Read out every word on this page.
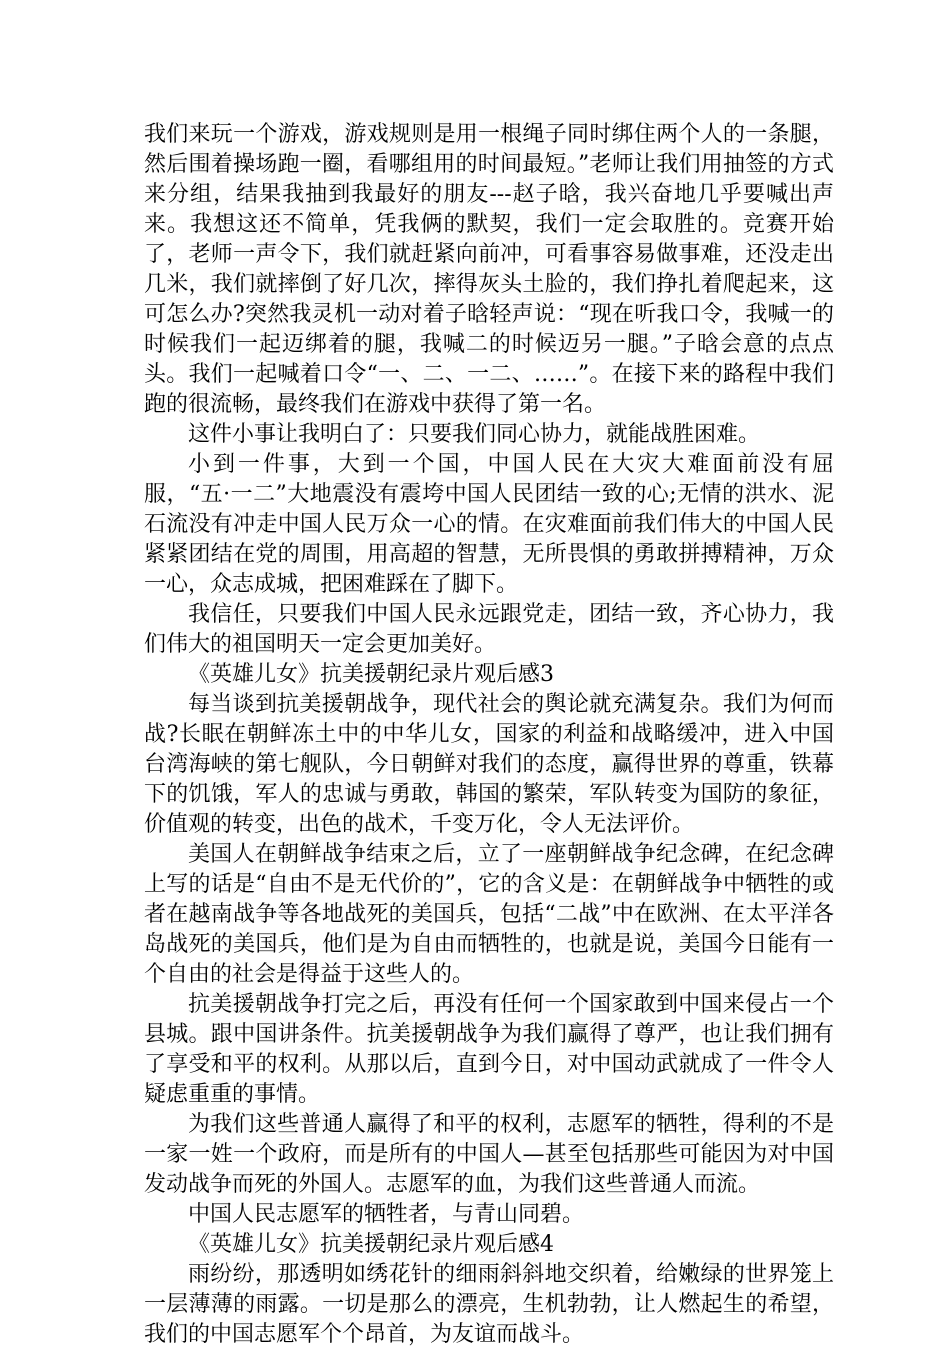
我们来玩一个游戏，游戏规则是用一根绳子同时绑住两个人的一条腿，然后围着操场跑一圈，看哪组用的时间最短。”老师让我们用抽签的方式来分组，结果我抽到我最好的朋友---赵子晗，我兴奋地几乎要喊出声来。我想这还不简单，凭我俩的默契，我们一定会取胜的。竞赛开始了，老师一声令下，我们就赶紧向前冲，可看事容易做事难，还没走出几米，我们就摔倒了好几次，摔得灰头土脸的，我们挣扎着爬起来，这可怎么办?突然我灵机一动对着子晗轻声说：“现在听我口令，我喊一的时候我们一起迈绑着的腿，我喊二的时候迈另一腿。”子晗会意的点点头。我们一起喊着口令“一、二、一二、……”。在接下来的路程中我们跑的很流畅，最终我们在游戏中获得了第一名。

这件小事让我明白了：只要我们同心协力，就能战胜困难。

小到一件事，大到一个国，中国人民在大灾大难面前没有屈服，“五·一二”大地震没有震垮中国人民团结一致的心;无情的洪水、泥石流没有冲走中国人民万众一心的情。在灾难面前我们伟大的中国人民紧紧团结在党的周围，用高超的智慧，无所畏惧的勇敢拼搏精神，万众一心，众志成城，把困难踩在了脚下。

我信任，只要我们中国人民永远跟党走，团结一致，齐心协力，我们伟大的祖国明天一定会更加美好。

《英雄儿女》抗美援朝纪录片观后感3

每当谈到抗美援朝战争，现代社会的舆论就充满复杂。我们为何而战?长眠在朝鲜冻土中的中华儿女，国家的利益和战略缓冲，进入中国台湾海峡的第七舰队，今日朝鲜对我们的态度，赢得世界的尊重，铁幕下的饥饿，军人的忠诚与勇敢，韩国的繁荣，军队转变为国防的象征，价值观的转变，出色的战术，千变万化，令人无法评价。

美国人在朝鲜战争结束之后，立了一座朝鲜战争纪念碑，在纪念碑上写的话是“自由不是无代价的”，它的含义是：在朝鲜战争中牺牲的或者在越南战争等各地战死的美国兵，包括“二战”中在欧洲、在太平洋各岛战死的美国兵，他们是为自由而牺牲的，也就是说，美国今日能有一个自由的社会是得益于这些人的。

抗美援朝战争打完之后，再没有任何一个国家敢到中国来侵占一个县城。跟中国讲条件。抗美援朝战争为我们赢得了尊严，也让我们拥有了享受和平的权利。从那以后，直到今日，对中国动武就成了一件令人疑虑重重的事情。

为我们这些普通人赢得了和平的权利，志愿军的牺牲，得利的不是一家一姓一个政府，而是所有的中国人—甚至包括那些可能因为对中国发动战争而死的外国人。志愿军的血，为我们这些普通人而流。

中国人民志愿军的牺牲者，与青山同碧。

《英雄儿女》抗美援朝纪录片观后感4

雨纷纷，那透明如绣花针的细雨斜斜地交织着，给嫩绿的世界笼上一层薄薄的雨露。一切是那么的漂亮，生机勃勃，让人燃起生的希望，我们的中国志愿军个个昂首，为友谊而战斗。
